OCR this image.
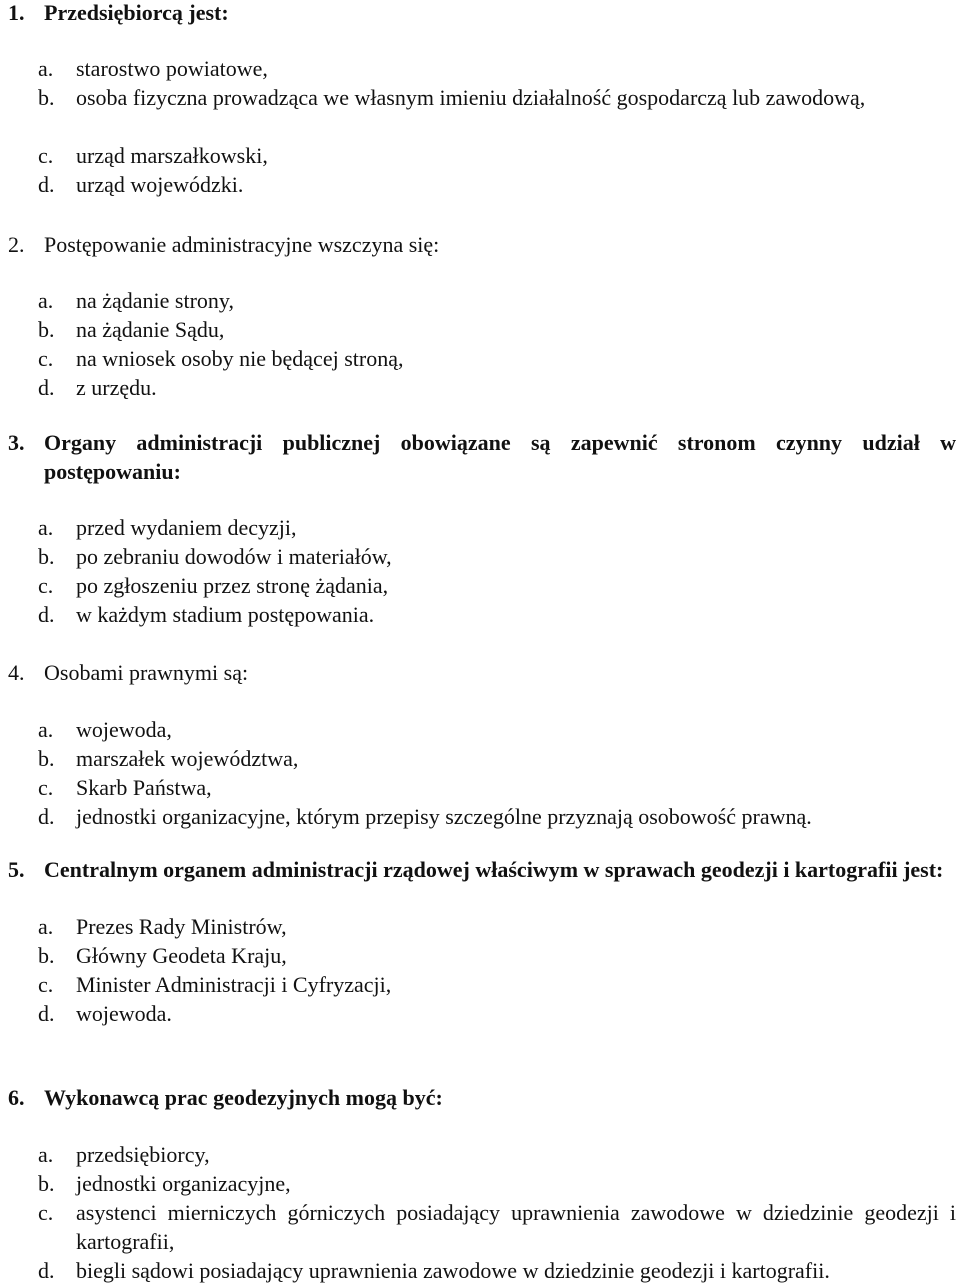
1. Przedsiębiorcą jest:
a. starostwo powiatowe,
b. osoba fizyczna prowadząca we własnym imieniu działalność gospodarczą lub zawodową,
c. urząd marszałkowski,
d. urząd wojewódzki.
2. Postępowanie administracyjne wszczyna się:
a. na żądanie strony,
b. na żądanie Sądu,
c. na wniosek osoby nie będącej stroną,
d. z urzędu.
3. Organy administracji publicznej obowiązane są zapewnić stronom czynny udział w postępowaniu:
a. przed wydaniem decyzji,
b. po zebraniu dowodów i materiałów,
c. po zgłoszeniu przez stronę żądania,
d. w każdym stadium postępowania.
4. Osobami prawnymi są:
a. wojewoda,
b. marszałek województwa,
c. Skarb Państwa,
d. jednostki organizacyjne, którym przepisy szczególne przyznają osobowość prawną.
5. Centralnym organem administracji rządowej właściwym w sprawach geodezji i kartografii jest:
a. Prezes Rady Ministrów,
b. Główny Geodeta Kraju,
c. Minister Administracji i Cyfryzacji,
d. wojewoda.
6. Wykonawcą prac geodezyjnych mogą być:
a. przedsiębiorcy,
b. jednostki organizacyjne,
c. asystenci mierniczych górniczych posiadający uprawnienia zawodowe w dziedzinie geodezji i kartografii,
d. biegli sądowi posiadający uprawnienia zawodowe w dziedzinie geodezji i kartografii.
